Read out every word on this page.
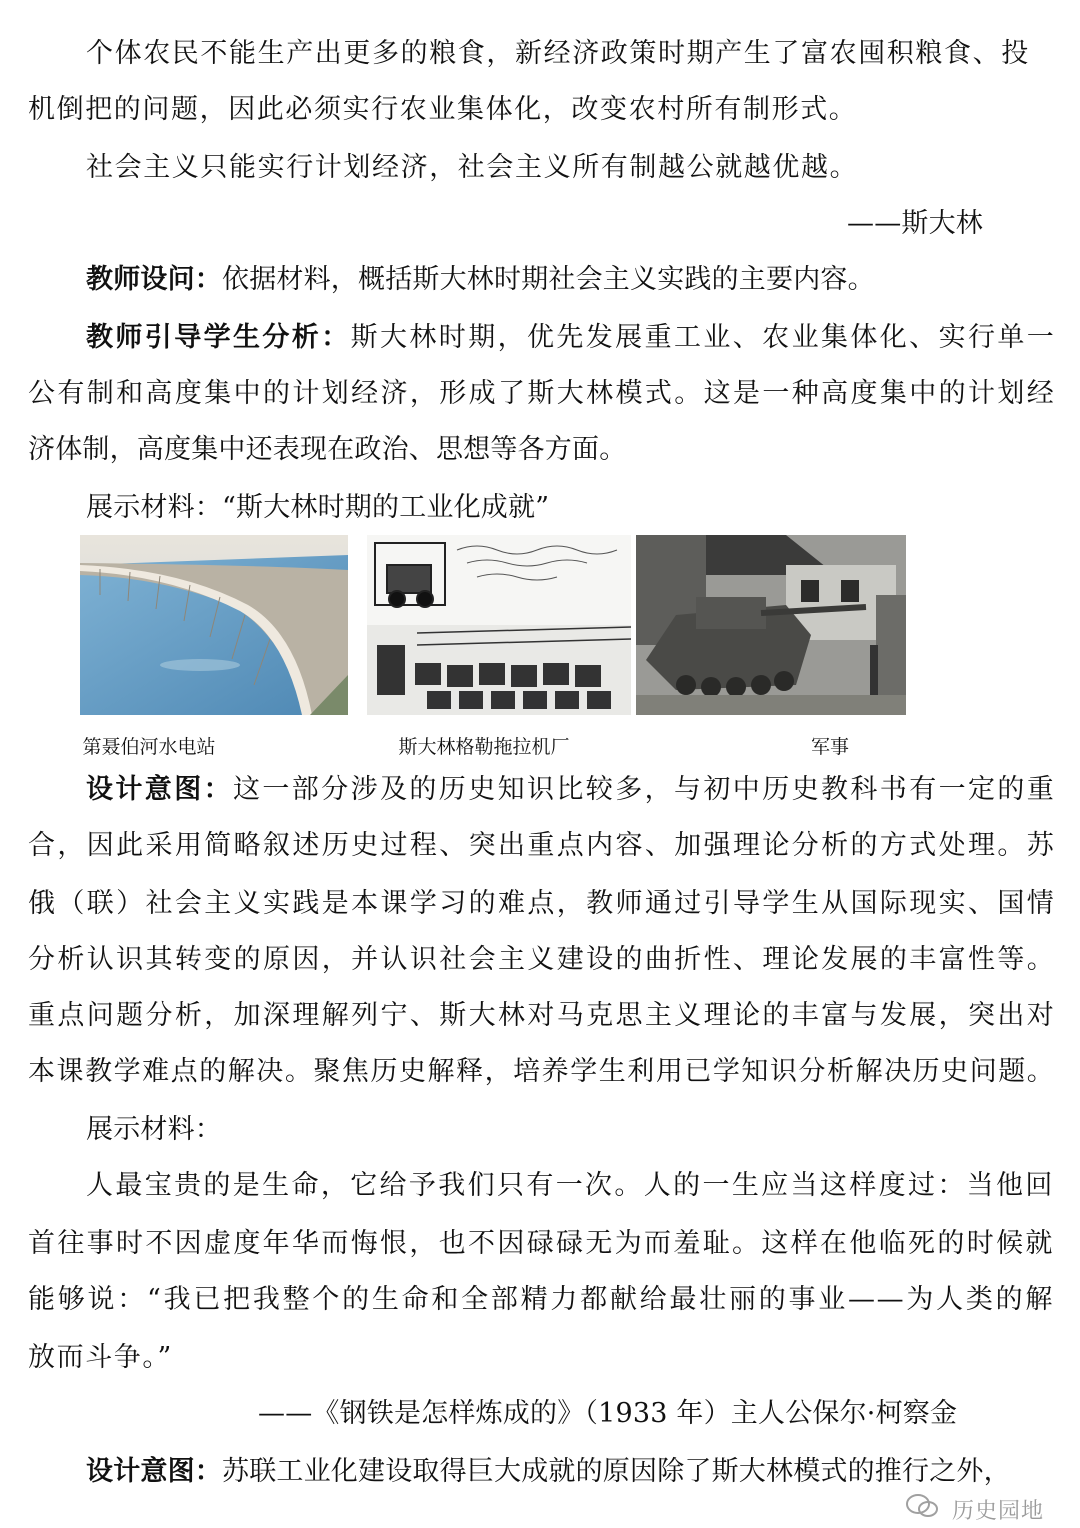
个体农民不能生产出更多的粮食，新经济政策时期产生了富农囤积粮食、投
机倒把的问题，因此必须实行农业集体化，改变农村所有制形式。
社会主义只能实行计划经济，社会主义所有制越公就越优越。
——斯大林
教师设问：依据材料，概括斯大林时期社会主义实践的主要内容。
教师引导学生分析：斯大林时期，优先发展重工业、农业集体化、实行单一
公有制和高度集中的计划经济，形成了斯大林模式。这是一种高度集中的计划经
济体制，高度集中还表现在政治、思想等各方面。
展示材料：“斯大林时期的工业化成就”
第聂伯河水电站	斯大林格勒拖拉机厂	军事
设计意图：这一部分涉及的历史知识比较多，与初中历史教科书有一定的重
合，因此采用简略叙述历史过程、突出重点内容、加强理论分析的方式处理。苏
俄（联）社会主义实践是本课学习的难点，教师通过引导学生从国际现实、国情
分析认识其转变的原因，并认识社会主义建设的曲折性、理论发展的丰富性等。
重点问题分析，加深理解列宁、斯大林对马克思主义理论的丰富与发展，突出对
本课教学难点的解决。聚焦历史解释，培养学生利用已学知识分析解决历史问题。
展示材料：
人最宝贵的是生命，它给予我们只有一次。人的一生应当这样度过：当他回
首往事时不因虚度年华而悔恨，也不因碌碌无为而羞耻。这样在他临死的时候就
能够说：“我已把我整个的生命和全部精力都献给最壮丽的事业——为人类的解
放而斗争。”
——《钢铁是怎样炼成的》（1933 年）主人公保尔·柯察金
设计意图：苏联工业化建设取得巨大成就的原因除了斯大林模式的推行之外，
历史园地
